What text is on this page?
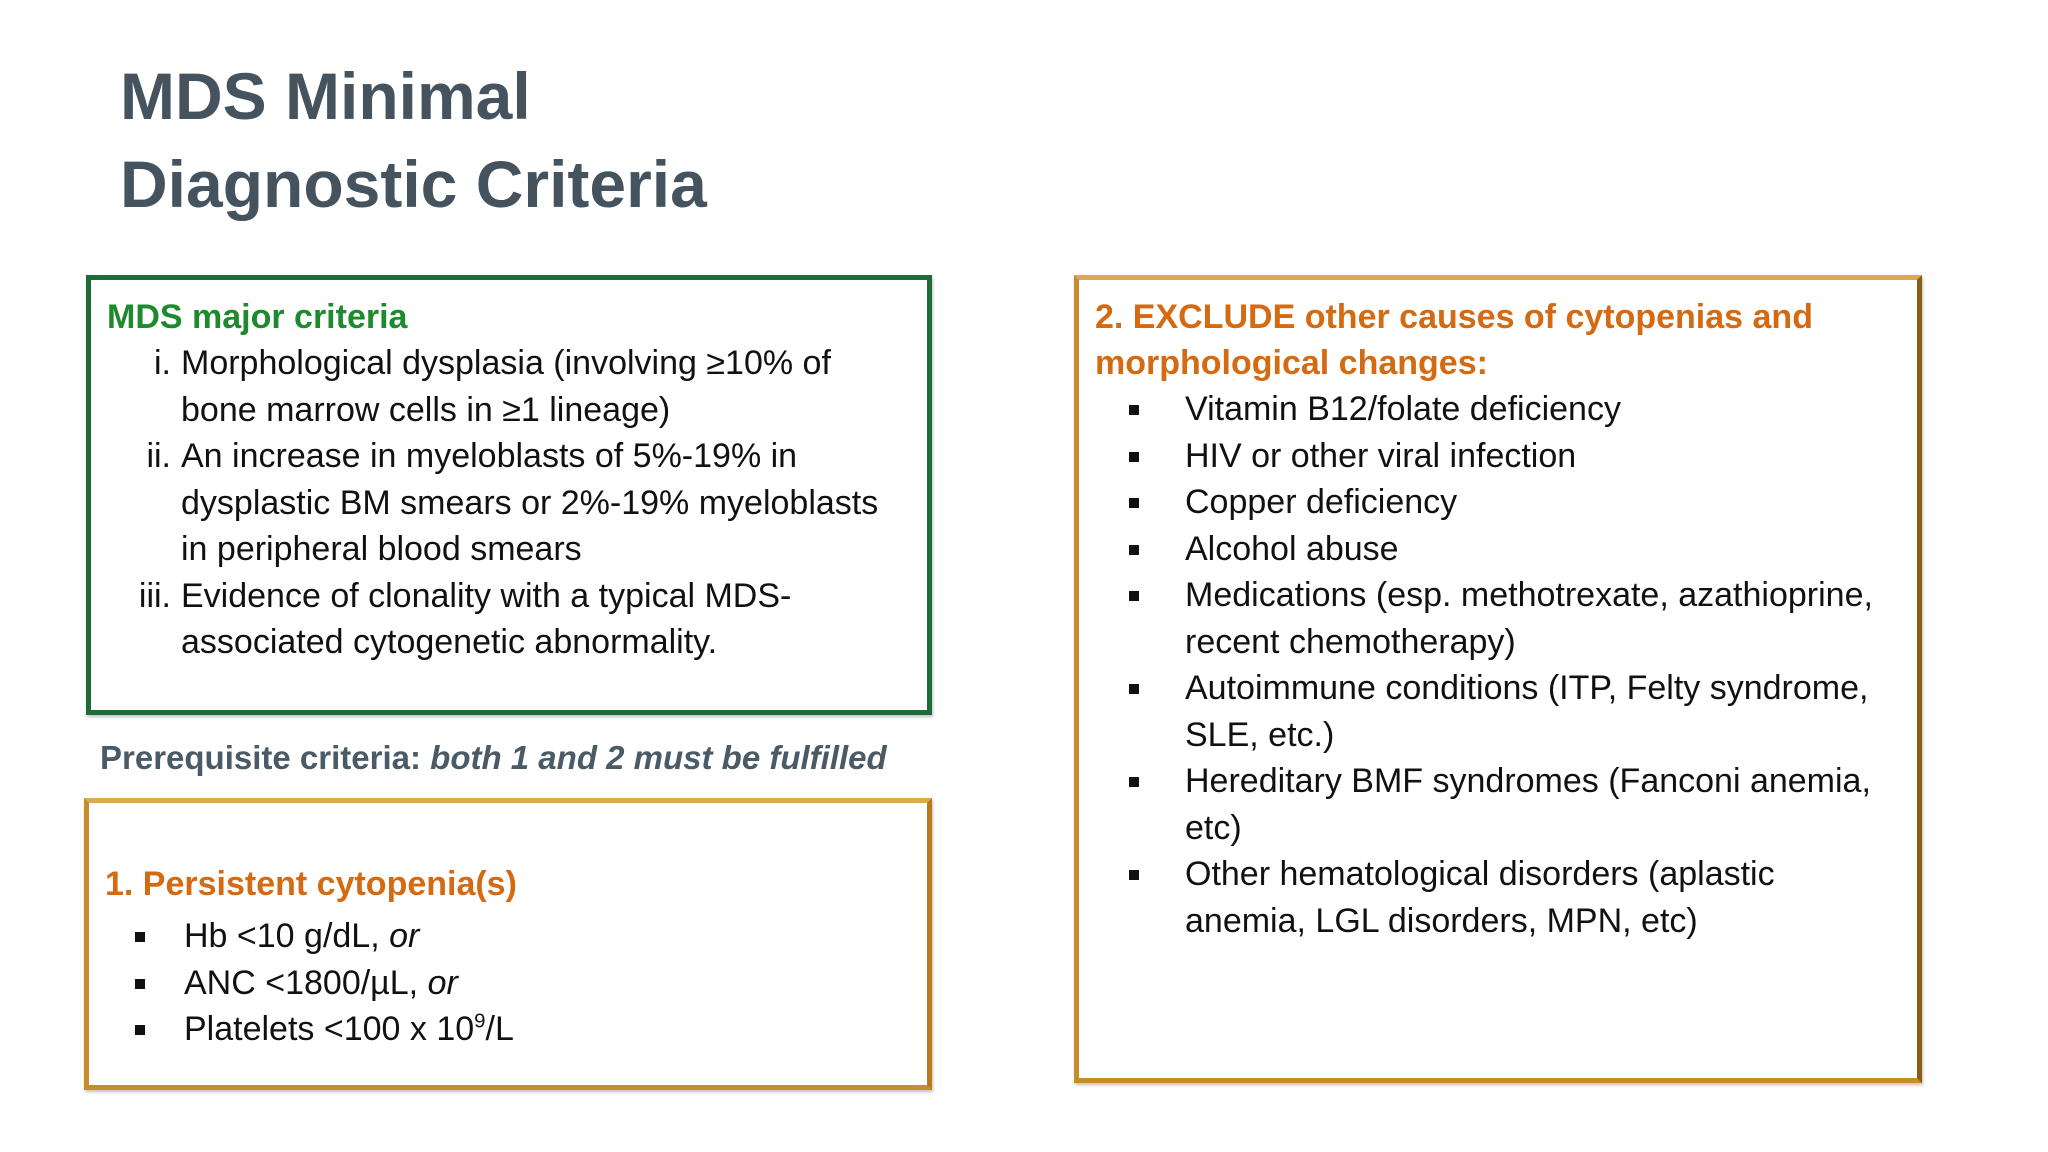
MDS Minimal
Diagnostic Criteria
MDS major criteria
i. Morphological dysplasia (involving ≥10% of bone marrow cells in ≥1 lineage)
ii. An increase in myeloblasts of 5%-19% in dysplastic BM smears or 2%-19% myeloblasts in peripheral blood smears
iii. Evidence of clonality with a typical MDS-associated cytogenetic abnormality.

Prerequisite criteria: both 1 and 2 must be fulfilled

1. Persistent cytopenia(s)
Hb <10 g/dL, or
ANC <1800/µL, or
Platelets <100 x $10^9/L$
2. EXCLUDE other causes of cytopenias and morphological changes:
Vitamin B12/folate deficiency
HIV or other viral infection
Copper deficiency
Alcohol abuse
Medications (esp. methotrexate, azathioprine, recent chemotherapy)
Autoimmune conditions (ITP, Felty syndrome, SLE, etc.)
Hereditary BMF syndromes (Fanconi anemia, etc)
Other hematological disorders (aplastic anemia, LGL disorders, MPN, etc)
